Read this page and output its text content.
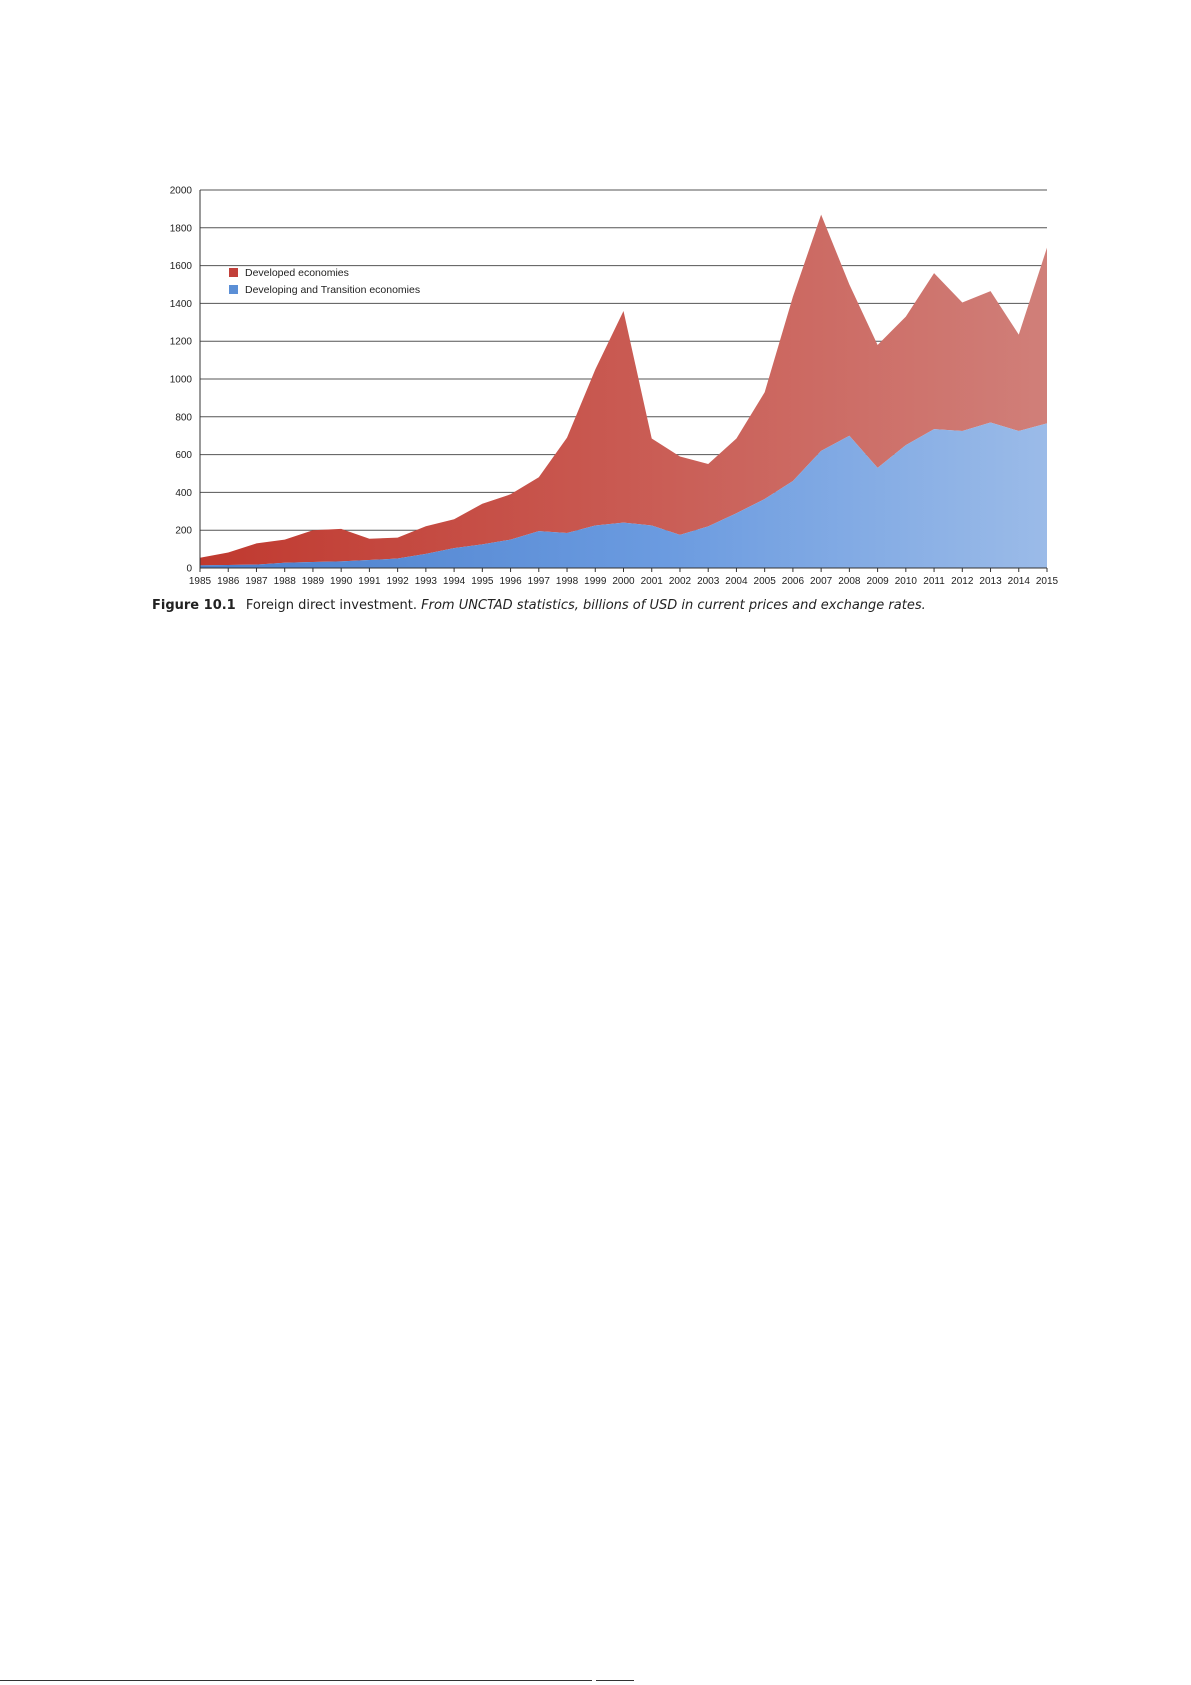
0
200
400
600
800
1000
1200
1400
1600
1800
2000
1985 1986 1987 1988 1989 1990 1991 1992 1993 1994 1995 1996 1997 1998 1999 2000 2001 2002 2003 2004 2005 2006 2007 2008 2009 2010 2011 2012 2013 2014 2015
Developed economies
Developing and Transition economies
Figure 10.1 Foreign direct investment. From UNCTAD statistics, billions of USD in current prices and exchange rates.
